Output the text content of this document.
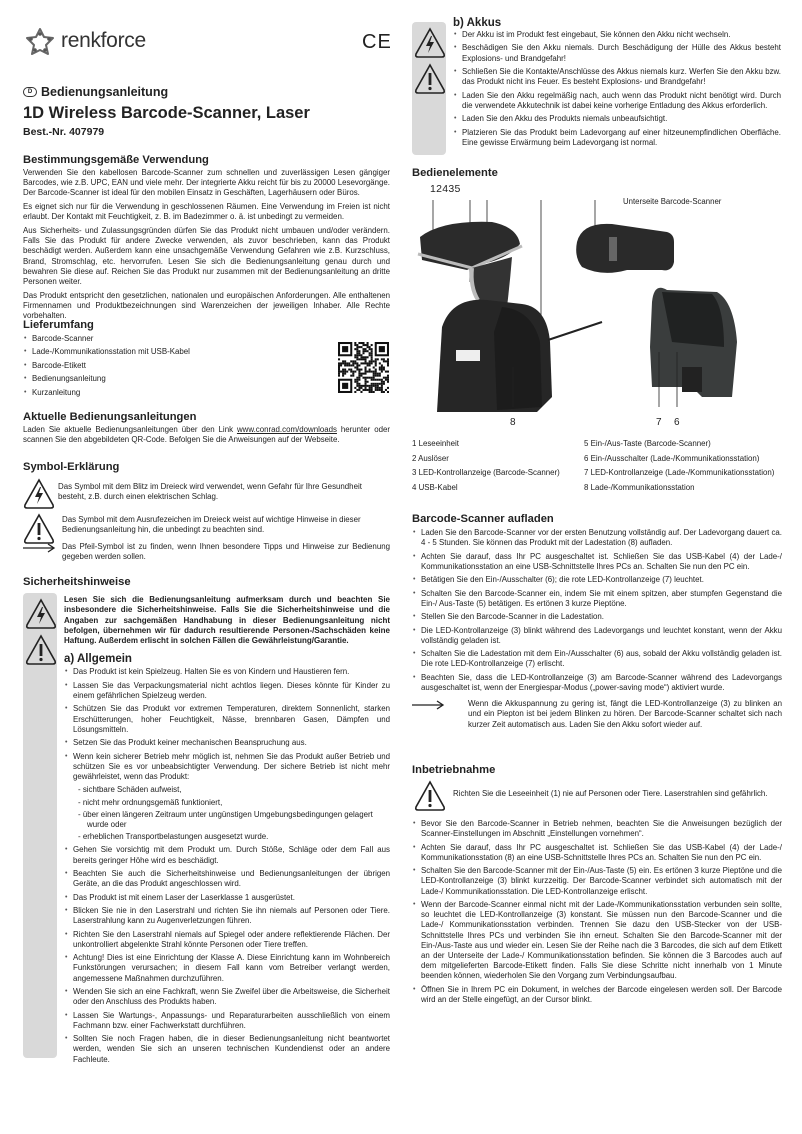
renkforce	CE
D Bedienungsanleitung
1D Wireless Barcode-Scanner, Laser
Best.-Nr. 407979
Bestimmungsgemäße Verwendung

Verwenden Sie den kabellosen Barcode-Scanner zum schnellen und zuverlässigen Lesen gängiger Barcodes, wie z.B. UPC, EAN und viele mehr. Der integrierte Akku reicht für bis zu 20000 Lesevorgänge. Der Barcode-Scanner ist ideal für den mobilen Einsatz in Geschäften, Lagerhäusern oder Büros.

Es eignet sich nur für die Verwendung in geschlossenen Räumen. Eine Verwendung im Freien ist nicht erlaubt. Der Kontakt mit Feuchtigkeit, z. B. im Badezimmer o. ä. ist unbedingt zu vermeiden.

Aus Sicherheits- und Zulassungsgründen dürfen Sie das Produkt nicht umbauen und/oder verändern. Falls Sie das Produkt für andere Zwecke verwenden, als zuvor beschrieben, kann das Produkt beschädigt werden. Außerdem kann eine unsachgemäße Verwendung Gefahren wie z.B. Kurzschluss, Brand, Stromschlag, etc. hervorrufen. Lesen Sie sich die Bedienungsanleitung genau durch und bewahren Sie diese auf. Reichen Sie das Produkt nur zusammen mit der Bedienungsanleitung an dritte Personen weiter.

Das Produkt entspricht den gesetzlichen, nationalen und europäischen Anforderungen. Alle enthaltenen Firmennamen und Produktbezeichnungen sind Warenzeichen der jeweiligen Inhaber. Alle Rechte vorbehalten.

Lieferumfang
• Barcode-Scanner
• Lade-/Kommunikationsstation mit USB-Kabel
• Barcode-Etikett
• Bedienungsanleitung
• Kurzanleitung
Aktuelle Bedienungsanleitungen

Laden Sie aktuelle Bedienungsanleitungen über den Link www.conrad.com/downloads herunter oder scannen Sie den abgebildeten QR-Code. Befolgen Sie die Anweisungen auf der Webseite.

Symbol-Erklärung
Das Symbol mit dem Blitz im Dreieck wird verwendet, wenn Gefahr für Ihre Gesundheit besteht, z.B. durch einen elektrischen Schlag.
Das Symbol mit dem Ausrufezeichen im Dreieck weist auf wichtige Hinweise in dieser Bedienungsanleitung hin, die unbedingt zu beachten sind.
Das Pfeil-Symbol ist zu finden, wenn Ihnen besondere Tipps und Hinweise zur Bedienung gegeben werden sollen.
Sicherheitshinweise

Lesen Sie sich die Bedienungsanleitung aufmerksam durch und beachten Sie insbesondere die Sicherheitshinweise. Falls Sie die Sicherheitshinweise und die Angaben zur sachgemäßen Handhabung in dieser Bedienungsanleitung nicht befolgen, übernehmen wir für dadurch resultierende Personen-/Sachschäden keine Haftung. Außerdem erlischt in solchen Fällen die Gewährleistung/Garantie.

a) Allgemein
• Das Produkt ist kein Spielzeug. Halten Sie es von Kindern und Haustieren fern.
• Lassen Sie das Verpackungsmaterial nicht achtlos liegen. Dieses könnte für Kinder zu einem gefährlichen Spielzeug werden.
• Schützen Sie das Produkt vor extremen Temperaturen, direktem Sonnenlicht, starken Erschütterungen, hoher Feuchtigkeit, Nässe, brennbaren Gasen, Dämpfen und Lösungsmitteln.
• Setzen Sie das Produkt keiner mechanischen Beanspruchung aus.
• Wenn kein sicherer Betrieb mehr möglich ist, nehmen Sie das Produkt außer Betrieb und schützen Sie es vor unbeabsichtigter Verwendung. Der sichere Betrieb ist nicht mehr gewährleistet, wenn das Produkt:
- sichtbare Schäden aufweist,
- nicht mehr ordnungsgemäß funktioniert,
- über einen längeren Zeitraum unter ungünstigen Umgebungsbedingungen gelagert wurde oder
- erheblichen Transportbelastungen ausgesetzt wurde.
• Gehen Sie vorsichtig mit dem Produkt um. Durch Stöße, Schläge oder dem Fall aus bereits geringer Höhe wird es beschädigt.
• Beachten Sie auch die Sicherheitshinweise und Bedienungsanleitungen der übrigen Geräte, an die das Produkt angeschlossen wird.
• Das Produkt ist mit einem Laser der Laserklasse 1 ausgerüstet.
• Blicken Sie nie in den Laserstrahl und richten Sie ihn niemals auf Personen oder Tiere. Laserstrahlung kann zu Augenverletzungen führen.
• Richten Sie den Laserstrahl niemals auf Spiegel oder andere reflektierende Flächen. Der unkontrolliert abgelenkte Strahl könnte Personen oder Tiere treffen.
• Achtung! Dies ist eine Einrichtung der Klasse A. Diese Einrichtung kann im Wohnbereich Funkstörungen verursachen; in diesem Fall kann vom Betreiber verlangt werden, angemessene Maßnahmen durchzuführen.
• Wenden Sie sich an eine Fachkraft, wenn Sie Zweifel über die Arbeitsweise, die Sicherheit oder den Anschluss des Produkts haben.
• Lassen Sie Wartungs-, Anpassungs- und Reparaturarbeiten ausschließlich von einem Fachmann bzw. einer Fachwerkstatt durchführen.
• Sollten Sie noch Fragen haben, die in dieser Bedienungsanleitung nicht beantwortet werden, wenden Sie sich an unseren technischen Kundendienst oder an andere Fachleute.
b) Akkus
• Der Akku ist im Produkt fest eingebaut, Sie können den Akku nicht wechseln.
• Beschädigen Sie den Akku niemals. Durch Beschädigung der Hülle des Akkus besteht Explosions- und Brandgefahr!
• Schließen Sie die Kontakte/Anschlüsse des Akkus niemals kurz. Werfen Sie den Akku bzw. das Produkt nicht ins Feuer. Es besteht Explosions- und Brandgefahr!
• Laden Sie den Akku regelmäßig nach, auch wenn das Produkt nicht benötigt wird. Durch die verwendete Akkutechnik ist dabei keine vorherige Entladung des Akkus erforderlich.
• Laden Sie den Akku des Produkts niemals unbeaufsichtigt.
• Platzieren Sie das Produkt beim Ladevorgang auf einer hitzeunempfindlichen Oberfläche. Eine gewisse Erwärmung beim Ladevorgang ist normal.
Bedienelemente
12435
Unterseite Barcode-Scanner
8	7 6
1 Leseeinheit
2 Auslöser
3 LED-Kontrollanzeige (Barcode-Scanner)
4 USB-Kabel
5 Ein-/Aus-Taste (Barcode-Scanner)
6 Ein-/Ausschalter (Lade-/Kommunikationsstation)
7 LED-Kontrollanzeige (Lade-/Kommunikationsstation)
8 Lade-/Kommunikationsstation
Barcode-Scanner aufladen
• Laden Sie den Barcode-Scanner vor der ersten Benutzung vollständig auf. Der Ladevorgang dauert ca. 4 - 5 Stunden. Sie können das Produkt mit der Ladestation (8) aufladen.
• Achten Sie darauf, dass Ihr PC ausgeschaltet ist. Schließen Sie das USB-Kabel (4) der Lade-/ Kommunikationsstation an eine USB-Schnittstelle Ihres PCs an. Schalten Sie nun den PC ein.
• Betätigen Sie den Ein-/Ausschalter (6); die rote LED-Kontrollanzeige (7) leuchtet.
• Schalten Sie den Barcode-Scanner ein, indem Sie mit einem spitzen, aber stumpfen Gegenstand die Ein-/ Aus-Taste (5) betätigen. Es ertönen 3 kurze Pieptöne.
• Stellen Sie den Barcode-Scanner in die Ladestation.
• Die LED-Kontrollanzeige (3) blinkt während des Ladevorgangs und leuchtet konstant, wenn der Akku vollständig geladen ist.
• Schalten Sie die Ladestation mit dem Ein-/Ausschalter (6) aus, sobald der Akku vollständig geladen ist. Die rote LED-Kontrollanzeige (7) erlischt.
• Beachten Sie, dass die LED-Kontrollanzeige (3) am Barcode-Scanner während des Ladevorgangs ausgeschaltet ist, wenn der Energiespar-Modus („power-saving mode“) aktiviert wurde.
Wenn die Akkuspannung zu gering ist, fängt die LED-Kontrollanzeige (3) zu blinken an und ein Piepton ist bei jedem Blinken zu hören. Der Barcode-Scanner schaltet sich nach kurzer Zeit automatisch aus. Laden Sie den Akku sofort wieder auf.
Inbetriebnahme
Richten Sie die Leseeinheit (1) nie auf Personen oder Tiere. Laserstrahlen sind gefährlich.
• Bevor Sie den Barcode-Scanner in Betrieb nehmen, beachten Sie die Anweisungen bezüglich der Scanner-Einstellungen im Abschnitt „Einstellungen vornehmen“.
• Achten Sie darauf, dass Ihr PC ausgeschaltet ist. Schließen Sie das USB-Kabel (4) der Lade-/ Kommunikationsstation (8) an eine USB-Schnittstelle Ihres PCs an. Schalten Sie nun den PC ein.
• Schalten Sie den Barcode-Scanner mit der Ein-/Aus-Taste (5) ein. Es ertönen 3 kurze Pieptöne und die LED-Kontrollanzeige (3) blinkt kurzzeitig. Der Barcode-Scanner verbindet sich automatisch mit der Lade-/ Kommunikationsstation. Die LED-Kontrollanzeige erlischt.
• Wenn der Barcode-Scanner einmal nicht mit der Lade-/Kommunikationsstation verbunden sein sollte, so leuchtet die LED-Kontrollanzeige (3) konstant. Sie müssen nun den Barcode-Scanner und die Lade-/ Kommunikationsstation verbinden. Trennen Sie dazu den USB-Stecker von der USB-Schnittstelle Ihres PCs und verbinden Sie ihn erneut. Schalten Sie den Barcode-Scanner mit der Ein-/Aus-Taste aus und wieder ein. Lesen Sie der Reihe nach die 3 Barcodes, die sich auf dem Etikett an der Unterseite der Lade-/ Kommunikationsstation befinden. Sie können die 3 Barcodes auch auf dem mitgelieferten Barcode-Etikett finden. Falls Sie diese Schritte nicht innerhalb von 1 Minute beenden können, wiederholen Sie den Vorgang zum Verbindungsaufbau.
• Öffnen Sie in Ihrem PC ein Dokument, in welches der Barcode eingelesen werden soll. Der Barcode wird an der Stelle eingefügt, an der Cursor blinkt.
